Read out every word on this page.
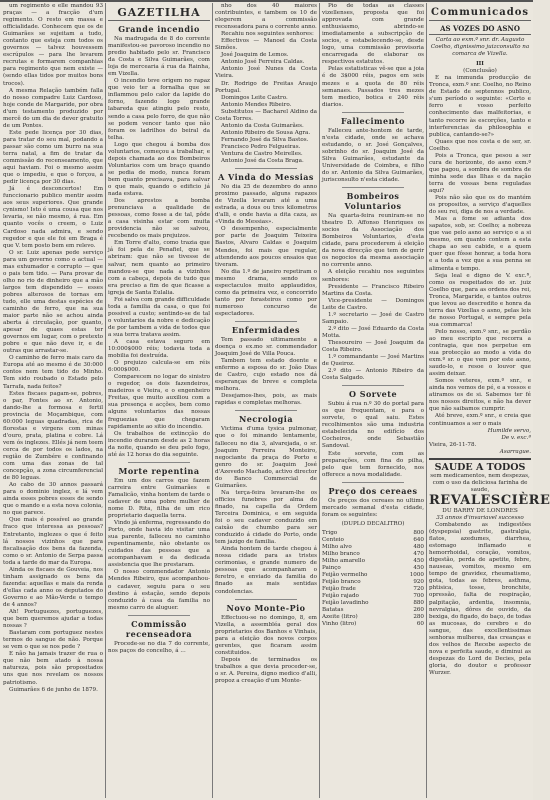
um regimento e elle mandou 93 praças — a fracção d'um regimento. O resto em massa e officialidade. Conhecem que os de Guimarães se sujeitam a tudo, contanto que esteja com todos os governos — talvez houvessem escrúpulos — para lhe levarem recrutas e formarem companhias para regimento que nem existe — (sendo ellas tidos por muitos bons trocos).

A mesma Relação também falla do nosso compadre Luiz Cardoso, hoje conde de Margaride, por obra d'um testamento produzido por mercê do um dia de dever gratuito de um Pontes.

Este pede licença por 30 dias, para tratar do seu mal, podando a passar são como um burro na sua terra natal, a fim de tratar da commissão do recenseamento, que aqui haviam. Foi o mesmo assim que o impediu, e que o forçou, a pedir licença por 30 dias.

Já é desconcertos! Em funccionario publico mentir assim aos seus superiores. Que grande cynismo! Isto é uma cousa que nos levaria, se não mesmo, á rua. Em quanto vocês o creem, o Luiz Cardoso nada admira, e sendo regedor e que ele foi em Braga é que V. tem posto bem em relevo.

O sr. Luiz apenas pede serviço para um governo como o actual — mas exhumador e corrupto — que o pais tem tido. — Para provar de olho no rio de dinheiro que a mão largos tem dispendido — esses pobres alterosos de tornas em tudo, elle uma destas espécies de caminho de ferro, que na sua maior parte não se achou ainda aberta á circulação, por quanto, apesar de quaes estas ter governos em lugar, com o pretexto pobre e que não deve ir, e de outras que arrastar-se.

O caminho de ferro mais caro da Europa até ao mesmo é de 30:000 contos nem tem tido do Minho. Tem sido roubado o Estado pelo Tarrafa, nada feitos?

Estes fiscaes pagam-se, pobres, o par, Fontes ao sr. Antonio, dando-lhe a formosa e fertil provincia de Moçambique, com 60:000 leguas quadradas, rica de florestas e virgens com minas d'ouro, prata, platina e cobre. Lá vem ós inglezes. Ellés já nem teem cerca de por todos os lados, na região de Zumbére e confinando com uma das zonas de tal concepção, a zona circumferencial de 80 leguas.

Ao cabo de 30 annos passará para o dominio inglez, e lá vem ainda esses pobres esses de sendo que o mando e a esta nova colonia, no que parece.

Que mais é possível ao grande fraco que interessa as pessoas? Entretanto, inglezes o que é feito lá nossos vizinhos que para fiscalisação dos bens da fazenda, como o sr. Antonio de Serpa passa toda a tarde do mar da Europa.

Ainda os fiscaes de Gouveia, nos tinham assignado os bens da fazenda: aquellas e mais da renda d'ellas cada anno os deputados do Governo e ao Mão-Verde o tempo de 4 annos?

Ah! Portuguezes, portuguezes, que bem queremos ajudar a todas nossas ?

Bastaram com portuguez nestes termos do sangue de não. Porque se vem o que se nos pede ?

E não ha jamais trazer de rua o que não bem atado à nossa natureza, pois são propositados uns que nos revelam os nossos patriotismo.

Guimarães 6 de junho de 1879.

GAZETILHA
Grande incendio

Na madrugada de 8 do corrente manifestou-se pavoroso incendio no predio habitado pelo sr. Francisco da Costa e Silva Guimarães, com loja de mercearia á rua da Rainha, em Vizella.

O incendio teve origem no rapaz que veio ter a fornalha que se inflammou pelo calor da lapide do forno, fazendo logo grande labareda que atingiu pelo resto, sendo a casa pelo forro, de que não se podem vencer tanto que não foram os ladrilhos do beiral da telha.

Logo que chegou á bomba dos voluntarios, começou a trabalhar, e depois chamada ao dos Bombeiros Voluntarios com um braço quando se pedia de modo, nunca foram bem quanto precisava, para salvar o que mais, quando o edificio já nada estava.

Dos aprestos a bomba prenunciava a qualidade de pessoas, como fosse a de tal, pôde a casa visinha estar com muita providencia não se salvou, recebendo os mais prejuizos.

Em Torre d'alto, como trazia que já foi pela de Penafiel, que se abriram: que não se tivesse de salvar, nem quanto ao primeiro mandou-se que nada a vizinhos com a cabeça, depois de tudo que era preciso a fim de que ficasse a igreja de Santa Eulalia.

Foi salva com grande difficuldade toda a familia da casa, o que foi possivel a custo; sentindo-se de tal o voluntarios da nobre e dedicação de por tambem a vida de todos que a sua terra tratava assim.

A casa estava seguro em 10:000$000 réis; todavia toda a mobilia foi destruída.

O prejuizo calcula-se em réis 6:000$000.

Comparecem no logar do sinistro o regedor, os dois fazendeiros, madeiros e Vieira, e o engenheiro Freitas, que muito auxiliou com a sua presença e acções, bem como alguns voluntarios das nossas freguezias que chegaram rapidamente ao sitio do incendio.

Os trabalhos de extincção do incendio duraram desde as 2 horas da noite, quando se deu pelo fogo, até ás 12 horas do dia seguinte.

Morte repentina

Em um dos carros que fazem carreira entre Guimarães e Famalicão, vinha hontem de tarde o cadaver de uma pobre mulher de nome D. Rita, filha de um rico proprietario daquella terra.

Vindo já enferma, regressando do Porto, onde havia ido visitar uma sua parente, falleceu no caminho repentinamente, não obstante os cuidados das pessoas que a acompanhavam e da dedicada assistencia que lhe prestaram.

O nosso commendador Antonio Mendes Ribeiro, que acompanhou-o cadaver, seguiu para o seu destino á estação, sendo depois conduzido á casa da familia no mesmo carro de aluguer.

Commissão recenseadora

Procede-se no dia 7 do corrente, nos paços do concelho, á ...

nho dos 40 maiores contribuintes, e tambem os 10 de elegerem a commissão recenseadora para o corrente anno.

Recahiu nos seguintes senhores:

Effectivos — Manoel da Costa Simões.

José Joaquim de Lemos.

Antonio José Ferreira Caldas.

Antonio José Nunes da Costa Vieira.

Dr. Rodrigo de Freitas Araujo Portugal.

Domingos Leite Castro.

Antonio Mendes Ribeiro.

Substitutos — Bacharel Aldino da Costa Torres.

Antonio da Costa Guimarães.

Antonio Ribeiro de Sousa Agra.

Fernando José da Silva Bastos.

Francisco Pedro Felgueiras.

Ventura de Castro Meirelles.

Antonio José da Costa Braga.

A Vinda do Messias

No dia 25 de dezembro do anno proximo passado, alguns rapazes de Vizella levaram até a uma estrada, a dous ou tres kilometros d'alli, e onde havia a dita caza, as «Vinda do Messias».

O desempenho, especialmente por parte de Joaquim Teixeira Bastos, Alvaro Caldas e Joaquim Mendes, foi mais que regular, attendendo aos poucos ensaios que tiveram.

No dia 1.º de janeiro repetiram o mesmo drama, sendo os espectaculos muito applaudidos, como da primeira vez, e concorrido tanto por forasteiros como por numeroso concurso de espectadores.

Enfermidades

Tem passado ultimamente a doença o ex.mo sr. commendador Joaquim José de Villa Pouca.

Tambem tem estado doente e enfermo a esposa do sr. João Dias de Castro, cujo estado nos dá esperanças de breve e completa melhora.

Desejamos-lhes, pois, as mais rapidas e completas melhoras.

Necrologia

Victima d'uma tysica pulmonar, que o foi minando lentamente, falleceu no dia 3, alvarejada, o sr. Joaquim Ferreira Monteiro, negociante da praça do Porto e genro do sr. Joaquim José d'Azevedo Machado, activo director do Banco Commercial de Guimarães.

Na terça-feira levaram-lhe os officios funebres por alma do finado, na capella da Ordem Terceira Dominica, e em seguida foi o seu cadaver conduzido em caixão de chumbo para ser conduzido á cidade do Porto, onde tem jazigo de familia.

Ainda hontem de tarde chegou á nossa cidade para as tristes cerimonias, e grande numero de pessoas que acompanharam o feretro, e enviado da familia do finado as mais sentidas condolencias.

Novo Monte-Pio

Effectuou-se no domingo, 8, em Vizella, a assembléa geral dos proprietarios dos Banhos e Vinhais, para a eleição dos novos corpos gerentes, que ficaram assim constituidos.

Depois de terminados os trabalhos a que devia proceder-se, o sr. A. Pereira, digno medico d'alli, propoz a creação d'um Monte-

Pio de todas as classes vizellenses, proposta que foi approvada com grande enthusiasmo, abrindo-se imediatamente a subscripção de socios, e estabelecendo-se, desde logo, uma commissão provisoria encarregada de elaborar os respectivos estatutos.

Pelas estatisticas vê-se que a joia é de 3$000 réis, pagos em seis mezes e a quota de 80 réis semanaes. Passados tres mezes tem medico, botica e 240 réis diarios.

Fallecimento

Falleceu ante-hontem de tarde, n'esta cidade, onde se achava estudando, o sr. José Gonçalves, sobrinho do sr. Joaquim José da Silva Guimarães, estudante da Universidade de Coimbra, e filho do sr. Antonio da Silva Guimarães, jurisconsulto n'esta cidade.

Bombeiros Voluntarios

Na quarta-feira reuniram-se no theatro D. Affonso Henriques os socios da Associação dos Bombeiros Voluntarios, d'esta cidade, para procederem á eleição da nova direcção que tem de gerir os negocios da mesma associação no corrente anno.

A eleição recahiu nos seguintes senhores:

Presidente — Francisco Ribeiro Martins da Costa.

Vice-presidente — Domingos Leite de Castro.

1.º secretario — José de Castro Sampaio.

2.º dito — José Eduardo da Costa Motta.

Thesoureiro — José Joaquim da Costa Ribeiro.

1.º commandante — José Martins de Queiroz.

2.º dito — Antonio Ribeiro da Costa Salgado.

O Sorvete

Subiu á rua n.º 30 do portal para os que frequentam, e para o sorvete, o qual saiu. Estes recolhimentos são uma industria estabelecida no edifício dos Cocheiros, onde Sebastião Sandoval.

Este sorvete, com as preparações, com fina do pilha, pelo que tem fornecido, nos offerece a nova modalidade.

Preço dos cereaes

Os preços dos cereaes no ultimo mercado semanal d'esta cidade, foram os seguintes:

(DUPLO DECALITRO)
Trigo	800
Centeio	640
Milho alvo	480
Milho branco	470
Milho amarello	450
Painço	450
Feijão vermelho	1000
Feijão branco	920
Feijão frade	720
Feijão rajado	700
Feijão lavadinho	880
Batatas	260
Azeite (litro)	280
Vinho (litro)	60
Communicados
AS VOZES DO ASNO

Carta ao exm.º snr. dr. Augusto Coelho, dignissimo juizconsulto na comarca de Vizella.

III
(Conclusão)

E na immunda producção de Tronca, exm.º snr. Coelho, no Reino de Estado de septennos publico, s'um período o seguinte: «Certo e ferro e vosso perfeito conhecimento das malfeitorias, e tanto recorre às escorções, tanto e interferencias da philosophia e publica, cantando-se?»

Quaes que nos costa e de ser, sr. Coelho.

Pois a Tronca, que pesou a ser cura de horizonte, do asno exm.º que pagou, a sombra de sombra de minha sede das Ilhas e da nação terra de vossas bens reguladas aqui?

Pois não são que os do mantém os propositos, a serviço d'aquelles do seu rei, diga de nos a verdade.

Mas a fome se adianta dos sapatos, sob, sr. Coelho; a nobreza que vae pelo asno ao serviço e a si mesmo, em quanto contem a esta chapa ao seu cabide, e a quem quer que fôsse honrar, a toda hora e a toda a vez que a sua penna se alimenta e tempo.

Seja leal e digno de V. exc.ª, como os respeitados do sr. juiz Coelho que, para as ordens dos rei, Tronca, Margaride, e tantos outros que levou ao descredito e honra da terra das Vizellas o asno, pelas leis de nosso Portugal, e sempre pela sua commarca!

Pelo nosso, exm.º snr., se perdão ao meu escripto que recorra a contragia, que nos perpetue em sua protecção ao modo a vida do exm.º sr. o que vem por este asno, saudo-lo, e resoe o louvor que assim deixar.

Somos veteres, exm.º snr., e ainda nos vemos de pé, e a vossos e atiramos os de si. Sabemos ter fé nos nossos direitos, e não ha dever que não saibamos cumprir.

Até breve, exm.º snr., e creia que continuamos a ser o mais

Humilde servo,
De v. exc.ª

Vieira, 26-11-78.

Asarrague.
SAUDE A TODOS

sem medicamentos, nem despezas, com o uso da deliciosa farinha de saude,

REVALESCIÈRE
DU BARRY DE LONDRES
33 annos d'invariavel successo

Combatendo as indigestões (dyspepsia) gastrite, gastralgia, flatos, azedumes, diarrhea, estomago inflamado e hemorrhoidal, coração, vomitos, digestão, perda de apetite, febre, nauseas, vomitos, mesmo em tempo de gravidez, rheumatismo, gota, todas as febres, asthma, phtisica, tosse, bronchite, opressão, falta de respiração, palpitação, ardentia, insomnia, nevralgias, dôres de ouvido, da bexiga, do figado, do baço, de todas as mucosas, do cerebro e do sangue, das excellentissimas senhoras mulheres, das creanças e dos velhos de Recebe aspecto de nova e perfeita saude, e diminui as despezas do Lord de Decies, pela gloria, do doutor e professor Wurzer.
